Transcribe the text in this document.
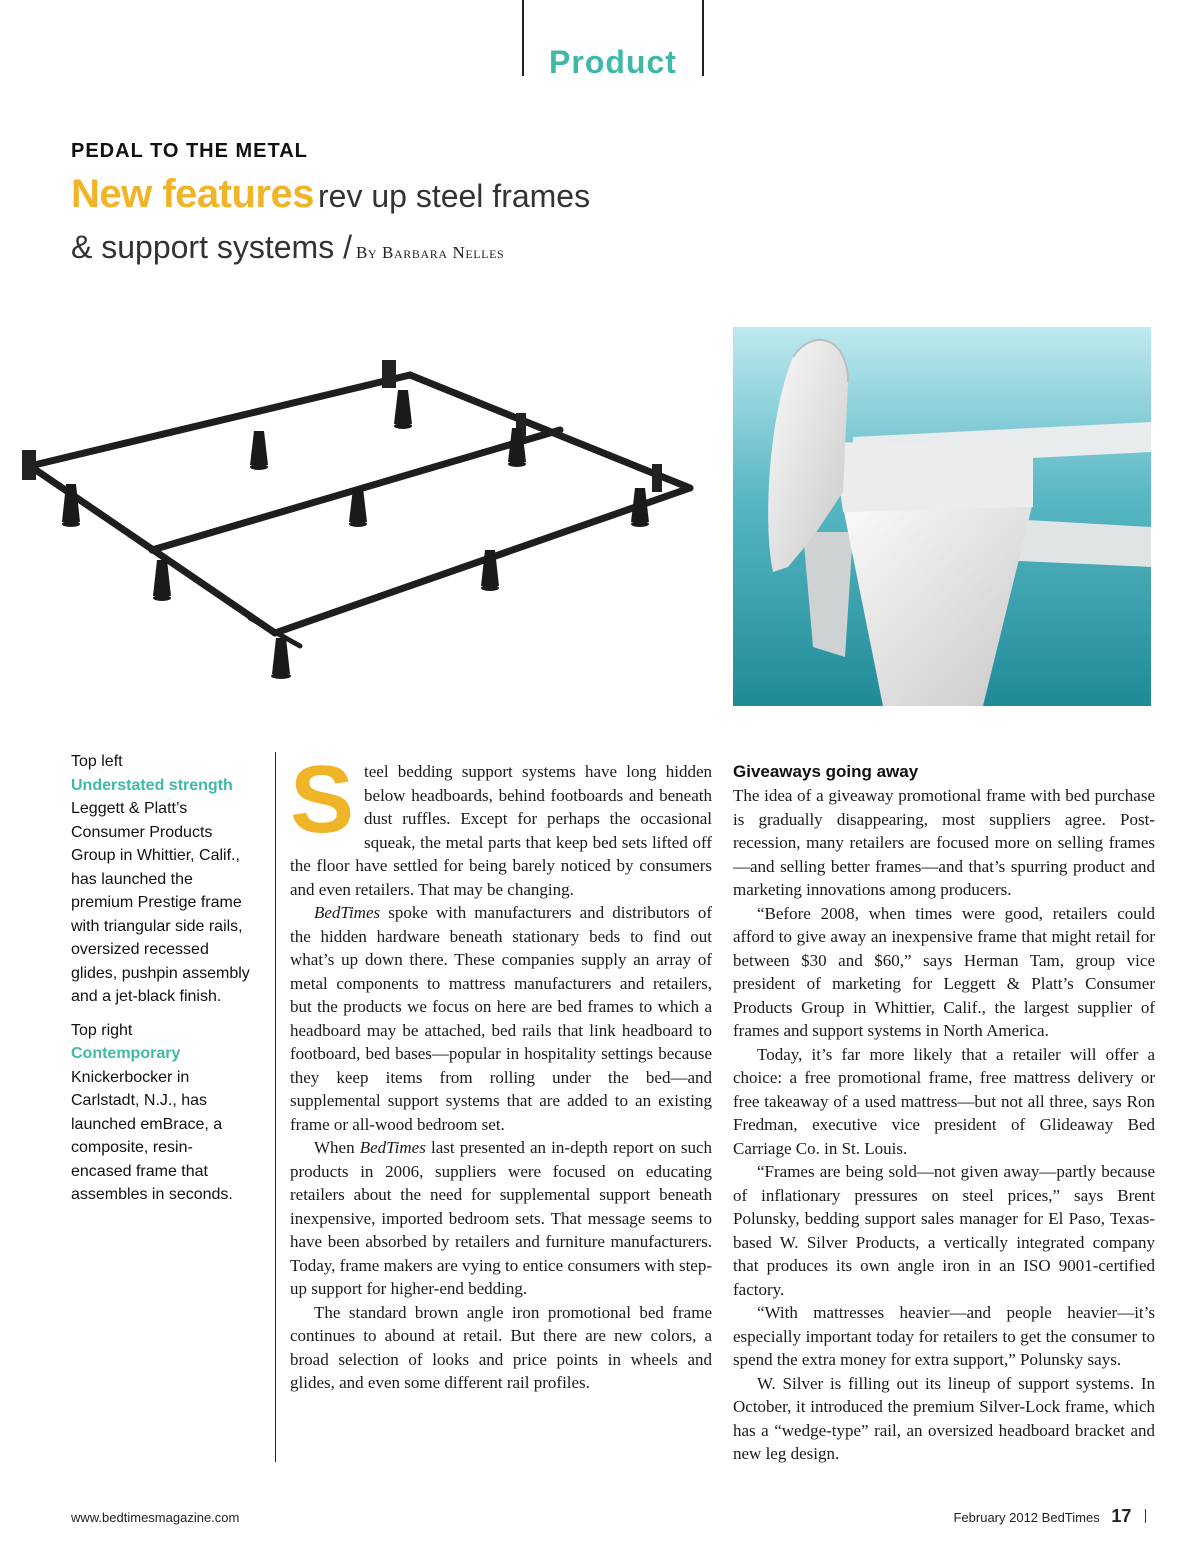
Product
PEDAL TO THE METAL
New features rev up steel frames
& support systems / By Barbara Nelles
Top left
Understated strength
Leggett & Platt’s Consumer Products Group in Whittier, Calif., has launched the premium Prestige frame with triangular side rails, oversized recessed glides, pushpin assembly and a jet-black finish.
Top right
Contemporary
Knickerbocker in Carlstadt, N.J., has launched emBrace, a composite, resin-encased frame that assembles in seconds.

Steel bedding support systems have long hidden below headboards, behind footboards and beneath dust ruffles. Except for perhaps the occasional squeak, the metal parts that keep bed sets lifted off the floor have settled for being barely noticed by consumers and even retailers. That may be changing.

BedTimes spoke with manufacturers and distributors of the hidden hardware beneath stationary beds to find out what’s up down there. These companies supply an array of metal components to mattress manufacturers and retailers, but the products we focus on here are bed frames to which a headboard may be attached, bed rails that link headboard to footboard, bed bases—popular in hospitality settings because they keep items from rolling under the bed—and supplemental support systems that are added to an existing frame or all-wood bedroom set.

When BedTimes last presented an in-depth report on such products in 2006, suppliers were focused on educating retailers about the need for supplemental support beneath inexpensive, imported bedroom sets. That message seems to have been absorbed by retailers and furniture manufacturers. Today, frame makers are vying to entice consumers with step-up support for higher-end bedding.

The standard brown angle iron promotional bed frame continues to abound at retail. But there are new colors, a broad selection of looks and price points in wheels and glides, and even some different rail profiles.

Giveaways going away

The idea of a giveaway promotional frame with bed purchase is gradually disappearing, most suppliers agree. Post-recession, many retailers are focused more on selling frames—and selling better frames—and that’s spurring product and marketing innovations among producers.

“Before 2008, when times were good, retailers could afford to give away an inexpensive frame that might retail for between $30 and $60,” says Herman Tam, group vice president of marketing for Leggett & Platt’s Consumer Products Group in Whittier, Calif., the largest supplier of frames and support systems in North America.

Today, it’s far more likely that a retailer will offer a choice: a free promotional frame, free mattress delivery or free takeaway of a used mattress—but not all three, says Ron Fredman, executive vice president of Glideaway Bed Carriage Co. in St. Louis.

“Frames are being sold—not given away—partly because of inflationary pressures on steel prices,” says Brent Polunsky, bedding support sales manager for El Paso, Texas-based W. Silver Products, a vertically integrated company that produces its own angle iron in an ISO 9001-certified factory.

“With mattresses heavier—and people heavier—it’s especially important today for retailers to get the consumer to spend the extra money for extra support,” Polunsky says.

W. Silver is filling out its lineup of support systems. In October, it introduced the premium Silver-Lock frame, which has a “wedge-type” rail, an oversized headboard bracket and new leg design.

www.bedtimesmagazine.com	February 2012 BedTimes 17
